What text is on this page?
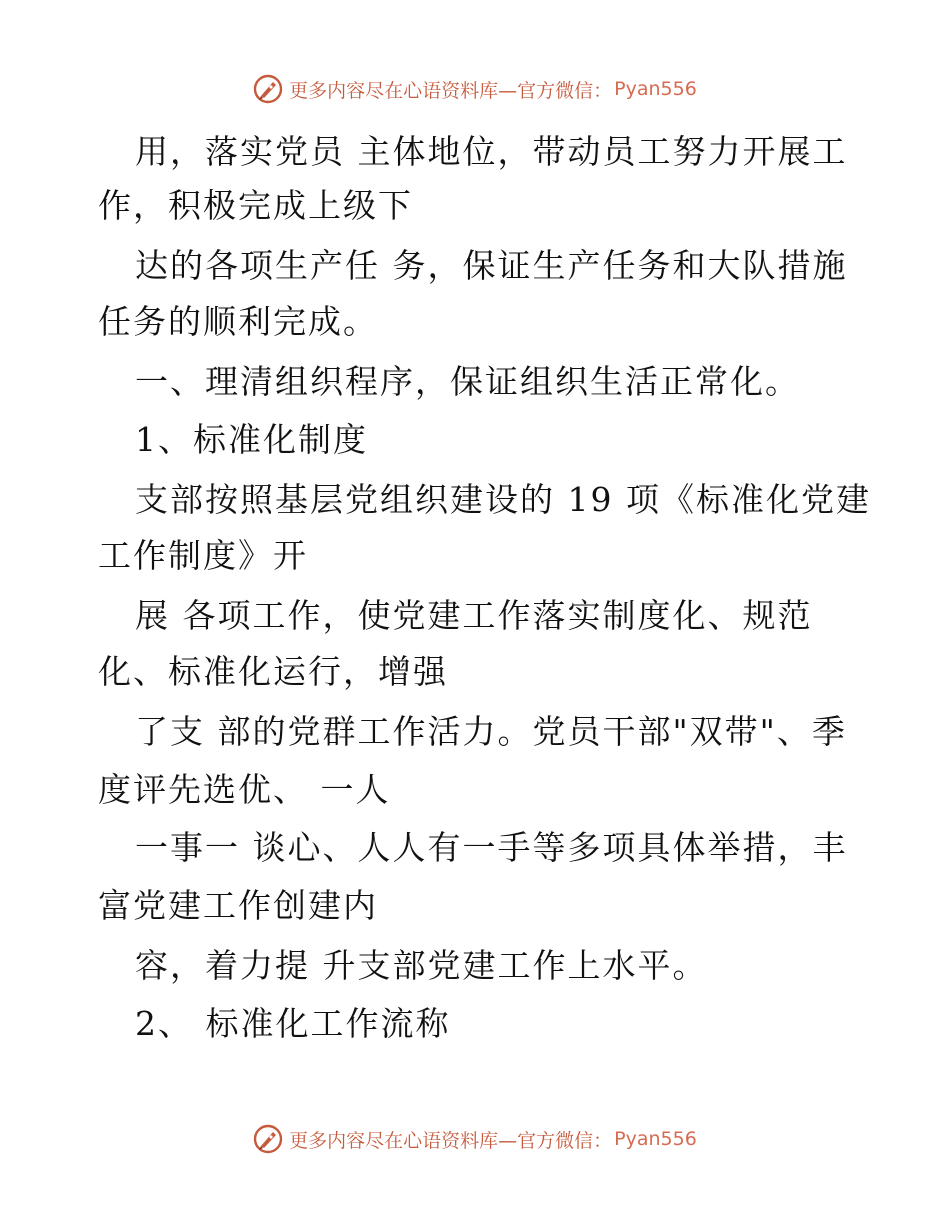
更多内容尽在心语资料库—官方微信： Pyan556
用，落实党员 主体地位，带动员工努力开展工
作，积极完成上级下
达的各项生产任 务，保证生产任务和大队措施
任务的顺利完成。
一、理清组织程序，保证组织生活正常化。
1、标准化制度
支部按照基层党组织建设的 19 项《标准化党建
工作制度》开
展 各项工作，使党建工作落实制度化、规范
化、标准化运行，增强
了支 部的党群工作活力。党员干部"双带"、季
度评先选优、 一人
一事一 谈心、人人有一手等多项具体举措，丰
富党建工作创建内
容，着力提 升支部党建工作上水平。
2、 标准化工作流称
更多内容尽在心语资料库—官方微信： Pyan556
